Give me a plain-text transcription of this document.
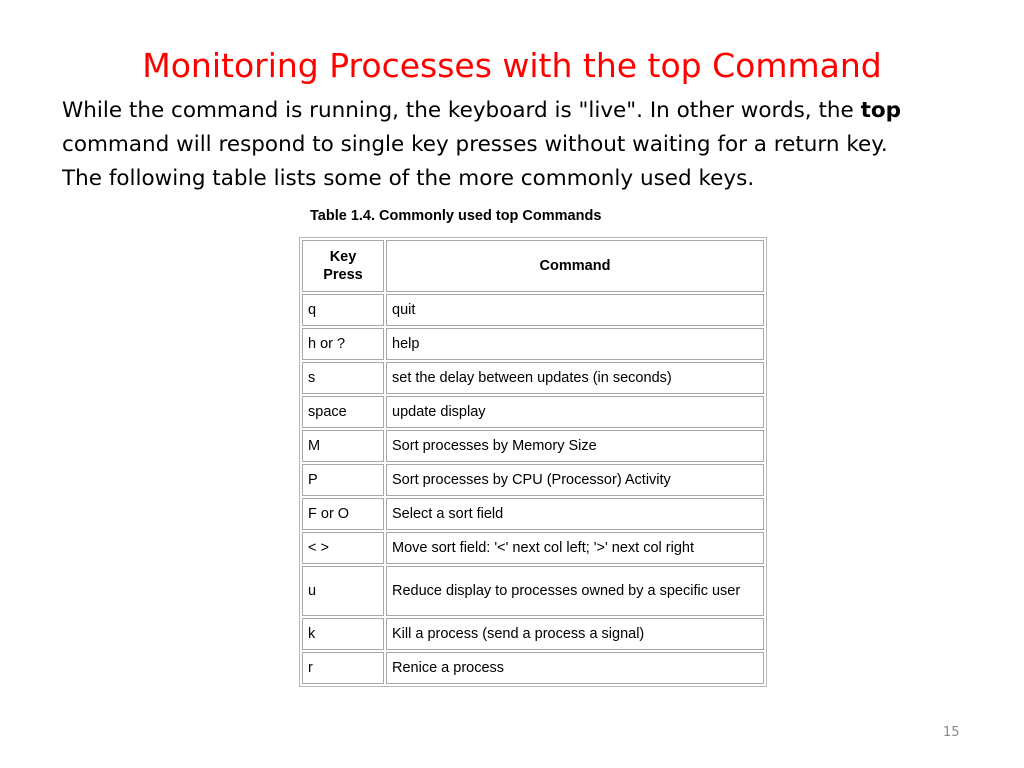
Monitoring Processes with the top Command
While the command is running, the keyboard is "live". In other words, the top
command will respond to single key presses without waiting for a return key.
The following table lists some of the more commonly used keys.
Table 1.4. Commonly used top Commands
Key
Press	Command
q	quit
h or ?	help
s	set the delay between updates (in seconds)
space	update display
M	Sort processes by Memory Size
P	Sort processes by CPU (Processor) Activity
F or O	Select a sort field
< >	Move sort field: '<' next col left; '>' next col right
u	Reduce display to processes owned by a specific user
k	Kill a process (send a process a signal)
r	Renice a process
15
